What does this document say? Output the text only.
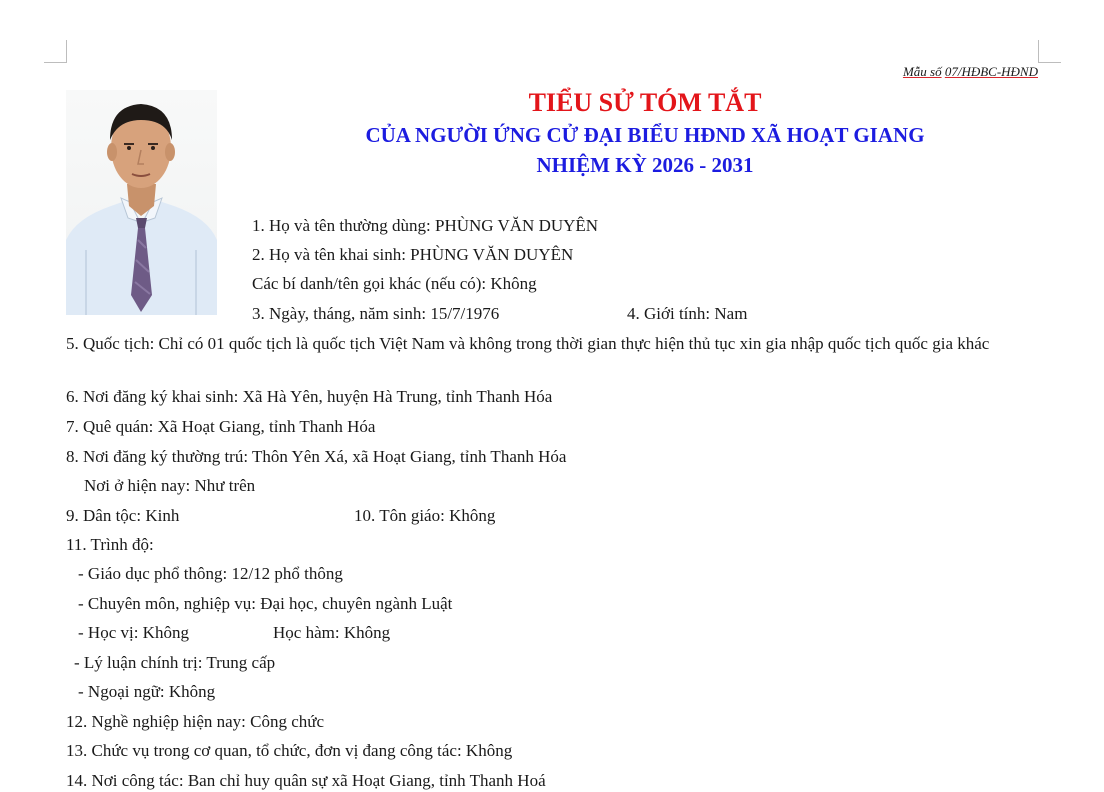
Mẫu số 07/HĐBC-HĐND
TIỂU SỬ TÓM TẮT
CỦA NGƯỜI ỨNG CỬ ĐẠI BIỂU HĐND XÃ HOẠT GIANG
NHIỆM KỲ 2026 - 2031
1. Họ và tên thường dùng: PHÙNG VĂN DUYÊN
2. Họ và tên khai sinh: PHÙNG VĂN DUYÊN
Các bí danh/tên gọi khác (nếu có): Không
3. Ngày, tháng, năm sinh: 15/7/1976	4. Giới tính: Nam
5. Quốc tịch: Chỉ có 01 quốc tịch là quốc tịch Việt Nam và không trong thời gian thực hiện thủ tục xin gia nhập quốc tịch quốc gia khác
6. Nơi đăng ký khai sinh: Xã Hà Yên, huyện Hà Trung, tỉnh Thanh Hóa
7. Quê quán: Xã Hoạt Giang, tỉnh Thanh Hóa
8. Nơi đăng ký thường trú: Thôn Yên Xá, xã Hoạt Giang, tỉnh Thanh Hóa
Nơi ở hiện nay: Như trên
9. Dân tộc: Kinh	10. Tôn giáo: Không
11. Trình độ:
- Giáo dục phổ thông: 12/12 phổ thông
- Chuyên môn, nghiệp vụ: Đại học, chuyên ngành Luật
- Học vị: Không	Học hàm: Không
- Lý luận chính trị: Trung cấp
- Ngoại ngữ: Không
12. Nghề nghiệp hiện nay: Công chức
13. Chức vụ trong cơ quan, tổ chức, đơn vị đang công tác: Không
14. Nơi công tác: Ban chỉ huy quân sự xã Hoạt Giang, tỉnh Thanh Hoá
